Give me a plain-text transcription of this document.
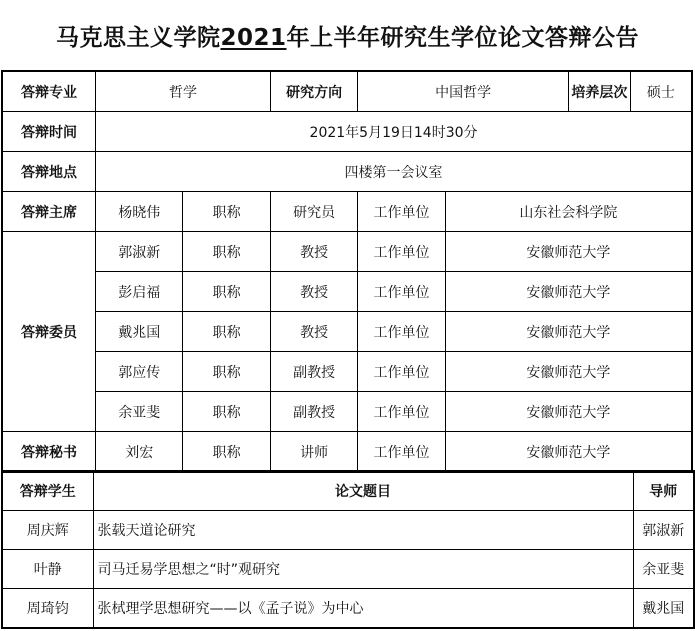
马克思主义学院2021年上半年研究生学位论文答辩公告
答辩专业	哲学		研究方向	中国哲学		培养层次	硕士
答辩时间	2021年5月19日14时30分						
答辩地点	四楼第一会议室						
答辩主席	杨晓伟	职称	研究员	工作单位	山东社会科学院		
答辩委员	郭淑新	职称	教授	工作单位	安徽师范大学		
	彭启福	职称	教授	工作单位	安徽师范大学		
	戴兆国	职称	教授	工作单位	安徽师范大学		
	郭应传	职称	副教授	工作单位	安徽师范大学		
	余亚斐	职称	副教授	工作单位	安徽师范大学		
答辩秘书	刘宏	职称	讲师	工作单位	安徽师范大学		
答辩学生	论文题目	导师
周庆辉	张载天道论研究	郭淑新
叶静	司马迁易学思想之“时”观研究	余亚斐
周琦钧	张栻理学思想研究——以《孟子说》为中心	戴兆国
